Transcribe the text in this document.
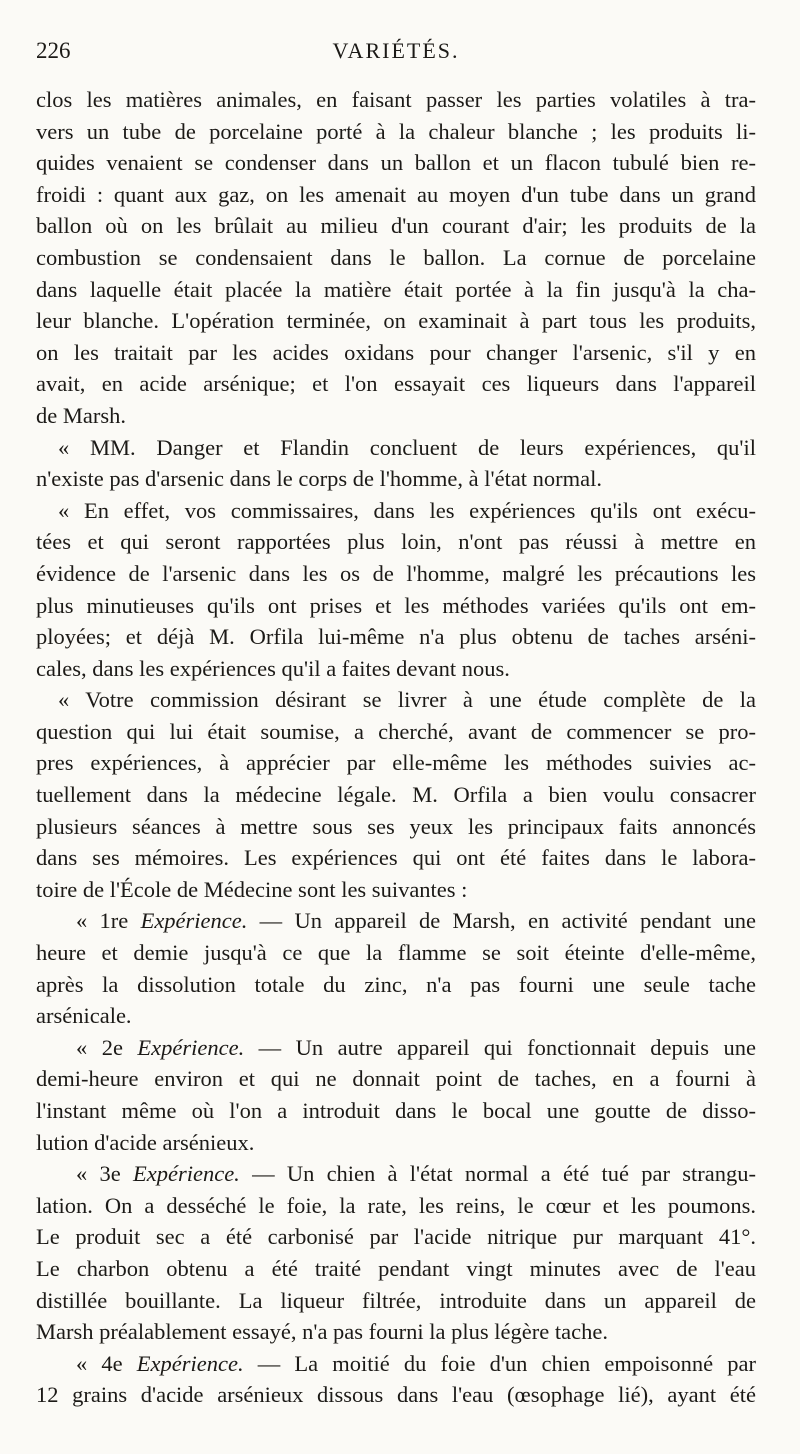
226	VARIÉTÉS.
clos les matières animales, en faisant passer les parties volatiles à tra-
vers un tube de porcelaine porté à la chaleur blanche ; les produits li-
quides venaient se condenser dans un ballon et un flacon tubulé bien re-
froidi : quant aux gaz, on les amenait au moyen d'un tube dans un grand
ballon où on les brûlait au milieu d'un courant d'air; les produits de la
combustion se condensaient dans le ballon. La cornue de porcelaine
dans laquelle était placée la matière était portée à la fin jusqu'à la cha-
leur blanche. L'opération terminée, on examinait à part tous les produits,
on les traitait par les acides oxidans pour changer l'arsenic, s'il y en
avait, en acide arsénique; et l'on essayait ces liqueurs dans l'appareil
de Marsh.
« MM. Danger et Flandin concluent de leurs expériences, qu'il
n'existe pas d'arsenic dans le corps de l'homme, à l'état normal.
« En effet, vos commissaires, dans les expériences qu'ils ont exécu-
tées et qui seront rapportées plus loin, n'ont pas réussi à mettre en
évidence de l'arsenic dans les os de l'homme, malgré les précautions les
plus minutieuses qu'ils ont prises et les méthodes variées qu'ils ont em-
ployées; et déjà M. Orfila lui-même n'a plus obtenu de taches arséni-
cales, dans les expériences qu'il a faites devant nous.
« Votre commission désirant se livrer à une étude complète de la
question qui lui était soumise, a cherché, avant de commencer se pro-
pres expériences, à apprécier par elle-même les méthodes suivies ac-
tuellement dans la médecine légale. M. Orfila a bien voulu consacrer
plusieurs séances à mettre sous ses yeux les principaux faits annoncés
dans ses mémoires. Les expériences qui ont été faites dans le labora-
toire de l'École de Médecine sont les suivantes :
« 1re Expérience. — Un appareil de Marsh, en activité pendant une
heure et demie jusqu'à ce que la flamme se soit éteinte d'elle-même,
après la dissolution totale du zinc, n'a pas fourni une seule tache
arsénicale.
« 2e Expérience. — Un autre appareil qui fonctionnait depuis une
demi-heure environ et qui ne donnait point de taches, en a fourni à
l'instant même où l'on a introduit dans le bocal une goutte de disso-
lution d'acide arsénieux.
« 3e Expérience. — Un chien à l'état normal a été tué par strangu-
lation. On a desséché le foie, la rate, les reins, le cœur et les poumons.
Le produit sec a été carbonisé par l'acide nitrique pur marquant 41°.
Le charbon obtenu a été traité pendant vingt minutes avec de l'eau
distillée bouillante. La liqueur filtrée, introduite dans un appareil de
Marsh préalablement essayé, n'a pas fourni la plus légère tache.
« 4e Expérience. — La moitié du foie d'un chien empoisonné par
12 grains d'acide arsénieux dissous dans l'eau (œsophage lié), ayant été
